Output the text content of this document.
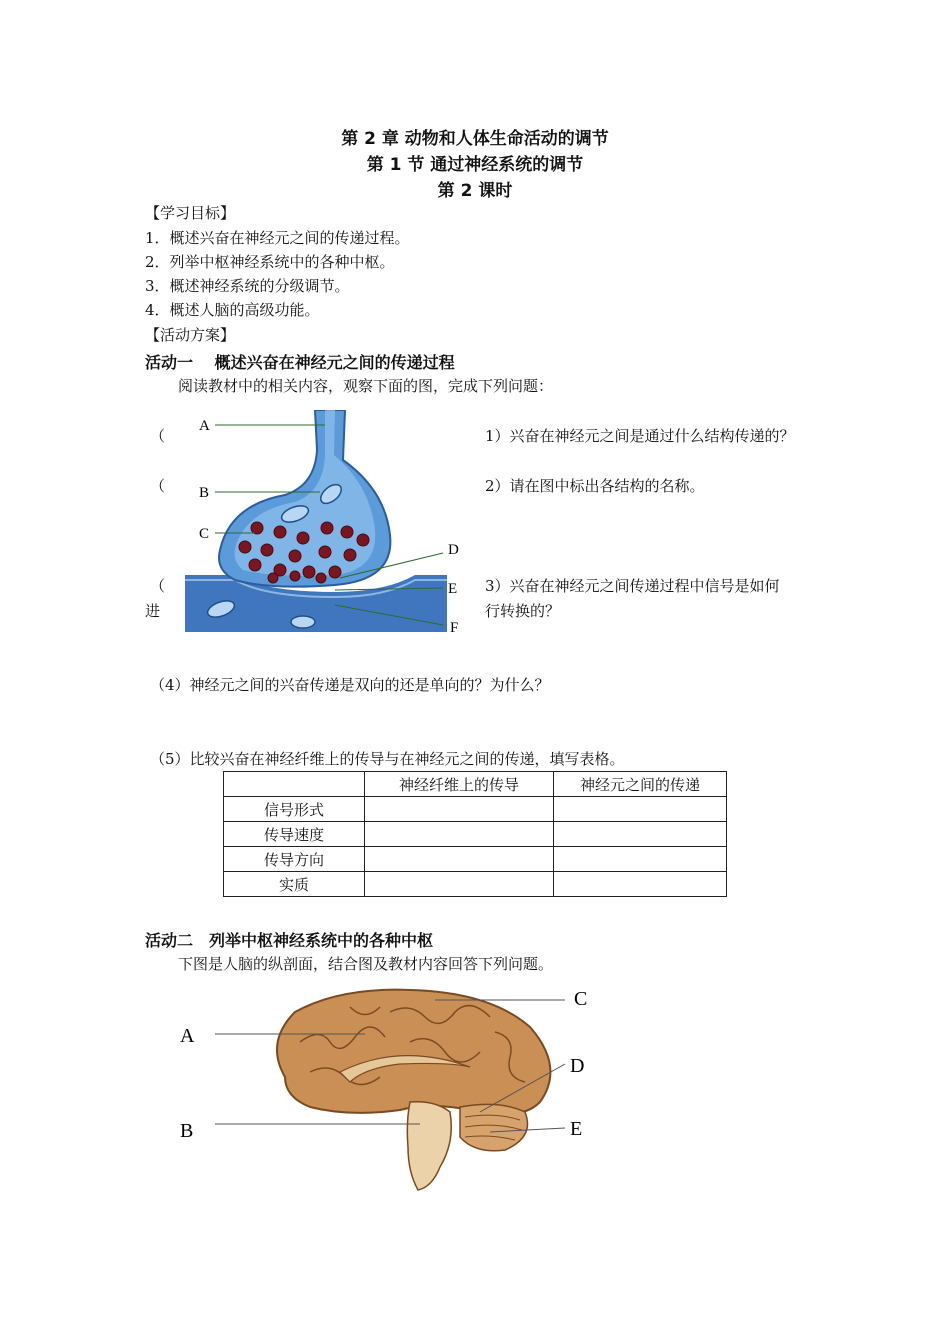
第 2 章 动物和人体生命活动的调节
第 1 节 通过神经系统的调节
第 2 课时
【学习目标】
1．概述兴奋在神经元之间的传递过程。
2．列举中枢神经系统中的各种中枢。
3．概述神经系统的分级调节。
4．概述人脑的高级功能。
【活动方案】
活动一　 概述兴奋在神经元之间的传递过程
阅读教材中的相关内容，观察下面的图，完成下列问题：
（
（
（
进
1）兴奋在神经元之间是通过什么结构传递的？
2）请在图中标出各结构的名称。
3）兴奋在神经元之间传递过程中信号是如何
行转换的？
A
B
C
D
E
F
（4）神经元之间的兴奋传递是双向的还是单向的？为什么？
（5）比较兴奋在神经纤维上的传导与在神经元之间的传递，填写表格。
	神经纤维上的传导	神经元之间的传递
信号形式		
传导速度		
传导方向		
实质		
活动二　列举中枢神经系统中的各种中枢
下图是人脑的纵剖面，结合图及教材内容回答下列问题。
A
B
C
D
E
